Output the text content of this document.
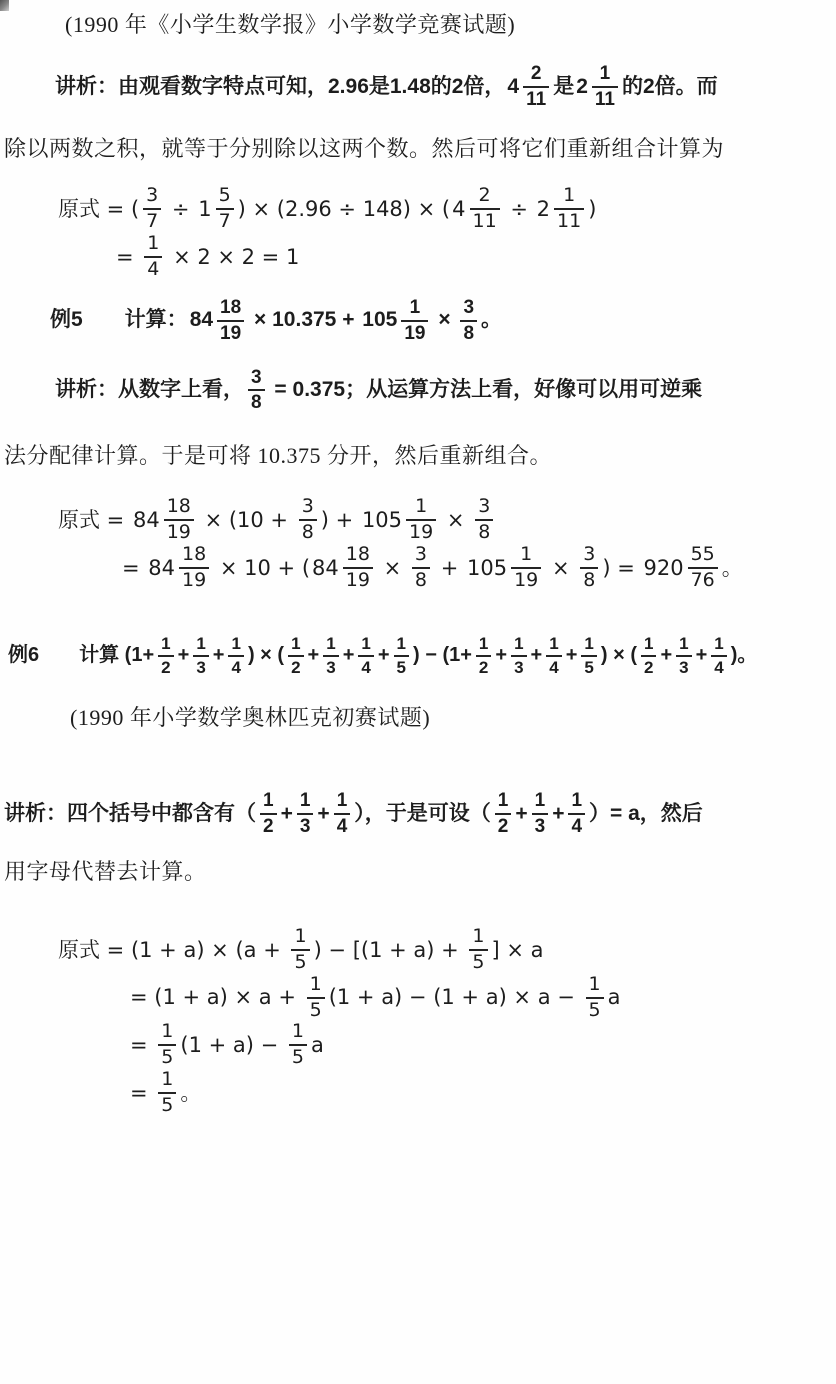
(1990 年《小学生数学报》小学数学竞赛试题)

讲析：由观看数字特点可知，2.96是1.48的2倍， $4 \frac{2}{11}$ 是 $2 \frac{1}{11}$ 的2倍。而

除以两数之积，就等于分别除以这两个数。然后可将它们重新组合计算为

原式 = ( $\frac{3}{7} \div 1 \frac{5}{7}$ ) × (2.96 ÷ 148) × ( $4 \frac{2}{11} \div 2 \frac{1}{11}$ )
= $\frac{1}{4} \times 2 \times 2 = 1$
例5　　计算： $84 \frac{18}{19} \times 10.375 + 105 \frac{1}{19} \times \frac{3}{8}$ 。
讲析：从数字上看， $\frac{3}{8} = 0.375$；从运算方法上看，好像可以用可逆乘

法分配律计算。于是可将 10.375 分开，然后重新组合。

原式 = $84 \frac{18}{19} \times (10 + \frac{3}{8}$ ) + $105 \frac{1}{19} \times \frac{3}{8}$
= $84 \frac{18}{19} \times 10$ + ( $84 \frac{18}{19} \times \frac{3}{8} + 105 \frac{1}{19} \times \frac{3}{8}$ ) = $920 \frac{55}{76}$ 。
例6　　计算 ($1+ \frac{1}{2} + \frac{1}{3} + \frac{1}{4}$ ) × ( $\frac{1}{2} + \frac{1}{3} + \frac{1}{4} + \frac{1}{5}$ ) − ($1+ \frac{1}{2} + \frac{1}{3} + \frac{1}{4} + \frac{1}{5}$ ) × ( $\frac{1}{2} + \frac{1}{3} + \frac{1}{4}$ )。

(1990 年小学数学奥林匹克初赛试题)

讲析：四个括号中都含有（ $\frac{1}{2} + \frac{1}{3} + \frac{1}{4}$ ），于是可设（ $\frac{1}{2} + \frac{1}{3} + \frac{1}{4}$ ）= a，然后

用字母代替去计算。

原式 = $(1 + a) \times (a + \frac{1}{5}$ ) − [$(1 + a) + \frac{1}{5}$ ] × a
= $(1 + a) \times a + \frac{1}{5} (1 + a) - (1 + a) \times a - \frac{1}{5}$ a
= $\frac{1}{5} (1 + a) - \frac{1}{5}$ a
= $\frac{1}{5}$ 。
